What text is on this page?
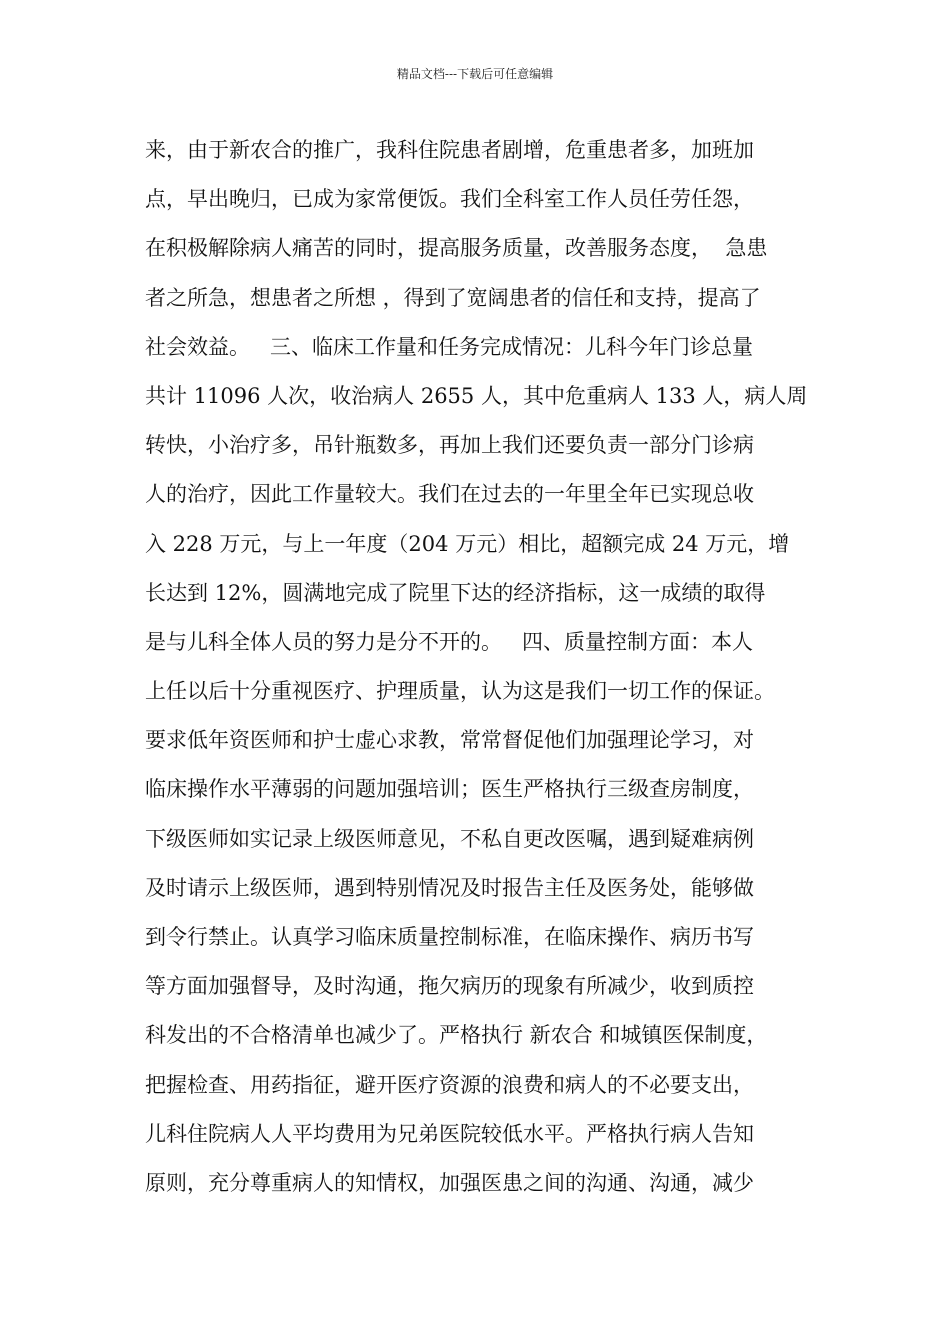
精品文档---下载后可任意编辑
来，由于新农合的推广，我科住院患者剧增，危重患者多，加班加
点，早出晚归，已成为家常便饭。我们全科室工作人员任劳任怨，
在积极解除病人痛苦的同时，提高服务质量，改善服务态度，  急患
者之所急，想患者之所想 ，得到了宽阔患者的信任和支持，提高了
社会效益。   三、临床工作量和任务完成情况：儿科今年门诊总量
共计 11096 人次，收治病人 2655 人，其中危重病人 133 人，病人周
转快，小治疗多，吊针瓶数多，再加上我们还要负责一部分门诊病
人的治疗，因此工作量较大。我们在过去的一年里全年已实现总收
入 228 万元，与上一年度（204 万元）相比，超额完成 24 万元，增
长达到 12%，圆满地完成了院里下达的经济指标，这一成绩的取得
是与儿科全体人员的努力是分不开的。   四、质量控制方面：本人
上任以后十分重视医疗、护理质量，认为这是我们一切工作的保证。
要求低年资医师和护士虚心求教，常常督促他们加强理论学习，对
临床操作水平薄弱的问题加强培训；医生严格执行三级查房制度，
下级医师如实记录上级医师意见，不私自更改医嘱，遇到疑难病例
及时请示上级医师，遇到特别情况及时报告主任及医务处，能够做
到令行禁止。认真学习临床质量控制标准，在临床操作、病历书写
等方面加强督导，及时沟通，拖欠病历的现象有所减少，收到质控
科发出的不合格清单也减少了。严格执行 新农合 和城镇医保制度，
把握检查、用药指征，避开医疗资源的浪费和病人的不必要支出，
儿科住院病人人平均费用为兄弟医院较低水平。严格执行病人告知
原则，充分尊重病人的知情权，加强医患之间的沟通、沟通，减少
